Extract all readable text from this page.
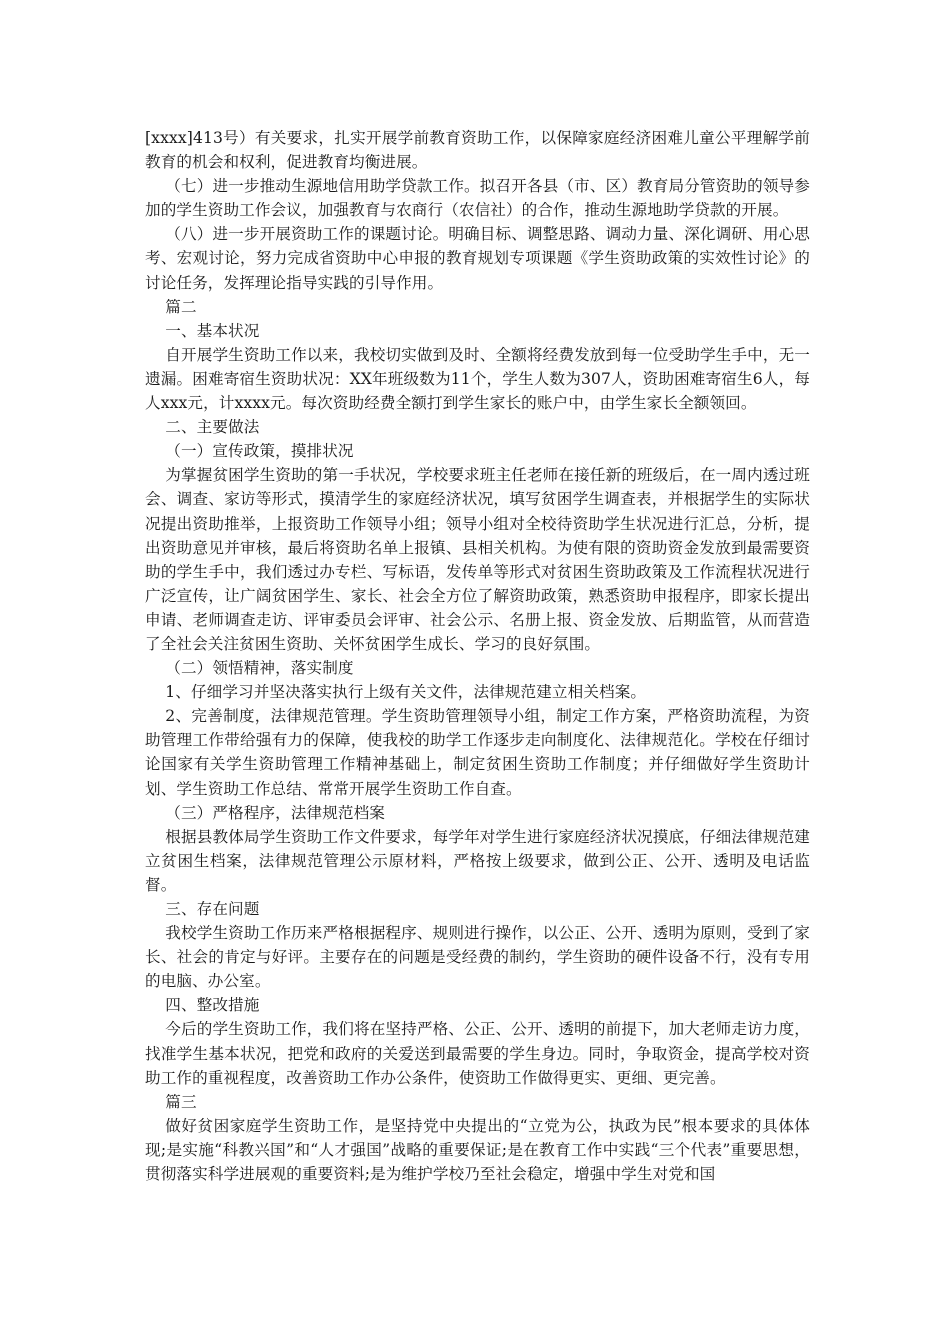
[xxxx]413号）有关要求，扎实开展学前教育资助工作，以保障家庭经济困难儿童公平理解学前教育的机会和权利，促进教育均衡进展。

（七）进一步推动生源地信用助学贷款工作。拟召开各县（市、区）教育局分管资助的领导参加的学生资助工作会议，加强教育与农商行（农信社）的合作，推动生源地助学贷款的开展。

（八）进一步开展资助工作的课题讨论。明确目标、调整思路、调动力量、深化调研、用心思考、宏观讨论，努力完成省资助中心申报的教育规划专项课题《学生资助政策的实效性讨论》的讨论任务，发挥理论指导实践的引导作用。

篇二

一、基本状况

自开展学生资助工作以来，我校切实做到及时、全额将经费发放到每一位受助学生手中，无一遗漏。困难寄宿生资助状况：XX年班级数为11个，学生人数为307人，资助困难寄宿生6人，每人xxx元，计xxxx元。每次资助经费全额打到学生家长的账户中，由学生家长全额领回。

二、主要做法

（一）宣传政策，摸排状况

为掌握贫困学生资助的第一手状况，学校要求班主任老师在接任新的班级后，在一周内透过班会、调查、家访等形式，摸清学生的家庭经济状况，填写贫困学生调查表，并根据学生的实际状况提出资助推举，上报资助工作领导小组；领导小组对全校待资助学生状况进行汇总，分析，提出资助意见并审核，最后将资助名单上报镇、县相关机构。为使有限的资助资金发放到最需要资助的学生手中，我们透过办专栏、写标语，发传单等形式对贫困生资助政策及工作流程状况进行广泛宣传，让广阔贫困学生、家长、社会全方位了解资助政策，熟悉资助申报程序，即家长提出申请、老师调查走访、评审委员会评审、社会公示、名册上报、资金发放、后期监管，从而营造了全社会关注贫困生资助、关怀贫困学生成长、学习的良好氛围。

（二）领悟精神，落实制度

1、仔细学习并坚决落实执行上级有关文件，法律规范建立相关档案。

2、完善制度，法律规范管理。学生资助管理领导小组，制定工作方案，严格资助流程，为资助管理工作带给强有力的保障，使我校的助学工作逐步走向制度化、法律规范化。学校在仔细讨论国家有关学生资助管理工作精神基础上，制定贫困生资助工作制度；并仔细做好学生资助计划、学生资助工作总结、常常开展学生资助工作自查。

（三）严格程序，法律规范档案

根据县教体局学生资助工作文件要求，每学年对学生进行家庭经济状况摸底，仔细法律规范建立贫困生档案，法律规范管理公示原材料，严格按上级要求，做到公正、公开、透明及电话监督。

三、存在问题

我校学生资助工作历来严格根据程序、规则进行操作，以公正、公开、透明为原则，受到了家长、社会的肯定与好评。主要存在的问题是受经费的制约，学生资助的硬件设备不行，没有专用的电脑、办公室。

四、整改措施

今后的学生资助工作，我们将在坚持严格、公正、公开、透明的前提下，加大老师走访力度，找准学生基本状况，把党和政府的关爱送到最需要的学生身边。同时，争取资金，提高学校对资助工作的重视程度，改善资助工作办公条件，使资助工作做得更实、更细、更完善。

篇三

做好贫困家庭学生资助工作，是坚持党中央提出的“立党为公，执政为民”根本要求的具体体现;是实施“科教兴国”和“人才强国”战略的重要保证;是在教育工作中实践“三个代表”重要思想，贯彻落实科学进展观的重要资料;是为维护学校乃至社会稳定，增强中学生对党和国
